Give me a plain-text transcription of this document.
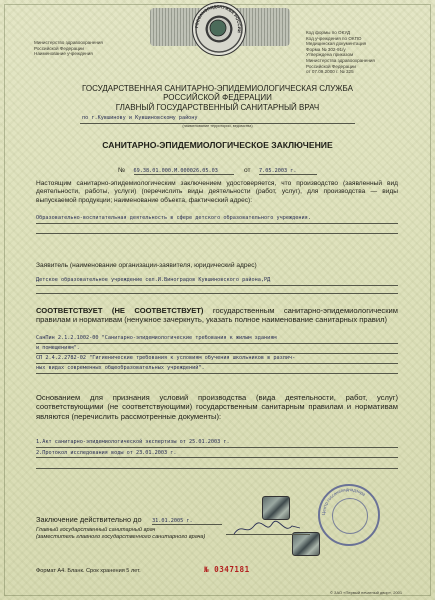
Министерство здравоохранения
Российской Федерации
Наименование учреждения
ГОССАНЭПИДСЛУЖБА РОССИИ	Код формы по ОКУД
Код учреждения по ОКПО
Медицинская документация
Форма № 302-91/у
Утверждена приказом
Министерства здравоохранения
Российской Федерации
от 07.09.2000 г. № 325
ГОСУДАРСТВЕННАЯ САНИТАРНО-ЭПИДЕМИОЛОГИЧЕСКАЯ СЛУЖБА
РОССИЙСКОЙ ФЕДЕРАЦИИ
ГЛАВНЫЙ ГОСУДАРСТВЕННЫЙ САНИТАРНЫЙ ВРАЧ
по г.Кувшинову и Кувшиновскому району
(наименование территории, ведомства)
САНИТАРНО-ЭПИДЕМИОЛОГИЧЕСКОЕ ЗАКЛЮЧЕНИЕ
№ 69.38.01.000.М.000026.05.03	от 7.05.2003 г.
Настоящим санитарно-эпидемиологическим заключением удостоверяется, что производство (заявленный вид деятельности, работы, услуги) (перечислить виды деятельности (работ, услуг), для производства — виды выпускаемой продукции; наименование объекта, фактический адрес):
Образовательно-воспитательная деятельность в сфере детского образовательного учреждения.
Заявитель (наименование организации-заявителя, юридический адрес)
Детское образовательное учреждение сел.И.Виноградов Кувшиновского района,РД
СООТВЕТСТВУЕТ (НЕ СООТВЕТСТВУЕТ) государственным санитарно-эпидемиологическим правилам и нормативам (ненужное зачеркнуть, указать полное наименование санитарных правил)
СанПин 2.1.2.1002-00 "Санитарно-эпидемиологические требования к жилым зданиям
и помещениям".
СП 2.4.2.2782-02 "Гигиенические требования к условиям обучения школьников в различ-
ных видах современных общеобразовательных учреждений".
Основанием для признания условий производства (вида деятельности, работ, услуг) соответствующими (не соответствующими) государственным санитарным правилам и нормативам являются (перечислить рассмотренные документы):
1.Акт санитарно-эпидемиологической экспертизы от 25.01.2003 г.
2.Протокол исследования воды от 23.01.2003 г.
Центр госсанэпиднадзора
Заключение действительно до 31.01.2005 г.
Главный государственный санитарный врач
(заместитель главного государственного санитарного врача)
Формат А4. Бланк. Срок хранения 5 лет.	№ 0347181
© ЗАО «Первый печатный двор», 2001
